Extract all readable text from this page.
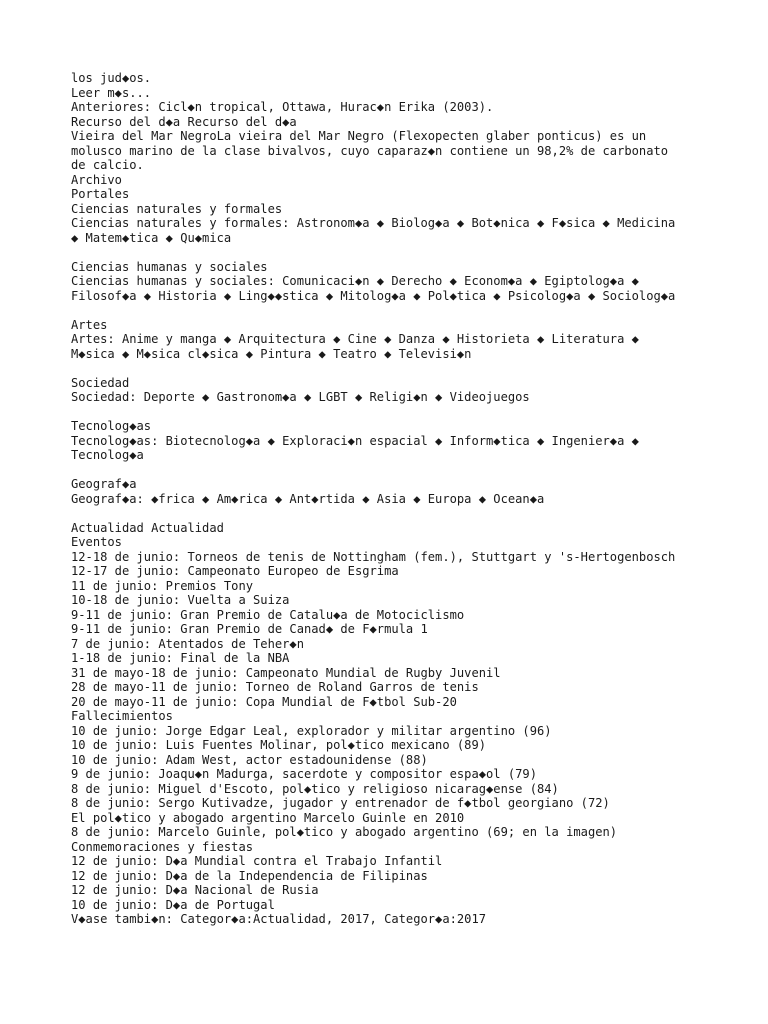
los jud◆os.
Leer m◆s...
Anteriores: Cicl◆n tropical, Ottawa, Hurac◆n Erika (2003).
Recurso del d◆a Recurso del d◆a
Vieira del Mar NegroLa vieira del Mar Negro (Flexopecten glaber ponticus) es un
molusco marino de la clase bivalvos, cuyo caparaz◆n contiene un 98,2% de carbonato
de calcio.
Archivo
Portales
Ciencias naturales y formales
Ciencias naturales y formales: Astronom◆a ◆ Biolog◆a ◆ Bot◆nica ◆ F◆sica ◆ Medicina
◆ Matem◆tica ◆ Qu◆mica
Ciencias humanas y sociales
Ciencias humanas y sociales: Comunicaci◆n ◆ Derecho ◆ Econom◆a ◆ Egiptolog◆a ◆
Filosof◆a ◆ Historia ◆ Ling◆◆stica ◆ Mitolog◆a ◆ Pol◆tica ◆ Psicolog◆a ◆ Sociolog◆a
Artes
Artes: Anime y manga ◆ Arquitectura ◆ Cine ◆ Danza ◆ Historieta ◆ Literatura ◆
M◆sica ◆ M◆sica cl◆sica ◆ Pintura ◆ Teatro ◆ Televisi◆n
Sociedad
Sociedad: Deporte ◆ Gastronom◆a ◆ LGBT ◆ Religi◆n ◆ Videojuegos
Tecnolog◆as
Tecnolog◆as: Biotecnolog◆a ◆ Exploraci◆n espacial ◆ Inform◆tica ◆ Ingenier◆a ◆
Tecnolog◆a
Geograf◆a
Geograf◆a: ◆frica ◆ Am◆rica ◆ Ant◆rtida ◆ Asia ◆ Europa ◆ Ocean◆a
Actualidad Actualidad
Eventos
12-18 de junio: Torneos de tenis de Nottingham (fem.), Stuttgart y 's-Hertogenbosch
12-17 de junio: Campeonato Europeo de Esgrima
11 de junio: Premios Tony
10-18 de junio: Vuelta a Suiza
9-11 de junio: Gran Premio de Catalu◆a de Motociclismo
9-11 de junio: Gran Premio de Canad◆ de F◆rmula 1
7 de junio: Atentados de Teher◆n
1-18 de junio: Final de la NBA
31 de mayo-18 de junio: Campeonato Mundial de Rugby Juvenil
28 de mayo-11 de junio: Torneo de Roland Garros de tenis
20 de mayo-11 de junio: Copa Mundial de F◆tbol Sub-20
Fallecimientos
10 de junio: Jorge Edgar Leal, explorador y militar argentino (96)
10 de junio: Luis Fuentes Molinar, pol◆tico mexicano (89)
10 de junio: Adam West, actor estadounidense (88)
9 de junio: Joaqu◆n Madurga, sacerdote y compositor espa◆ol (79)
8 de junio: Miguel d'Escoto, pol◆tico y religioso nicarag◆ense (84)
8 de junio: Sergo Kutivadze, jugador y entrenador de f◆tbol georgiano (72)
El pol◆tico y abogado argentino Marcelo Guinle en 2010
8 de junio: Marcelo Guinle, pol◆tico y abogado argentino (69; en la imagen)
Conmemoraciones y fiestas
12 de junio: D◆a Mundial contra el Trabajo Infantil
12 de junio: D◆a de la Independencia de Filipinas
12 de junio: D◆a Nacional de Rusia
10 de junio: D◆a de Portugal
V◆ase tambi◆n: Categor◆a:Actualidad, 2017, Categor◆a:2017
